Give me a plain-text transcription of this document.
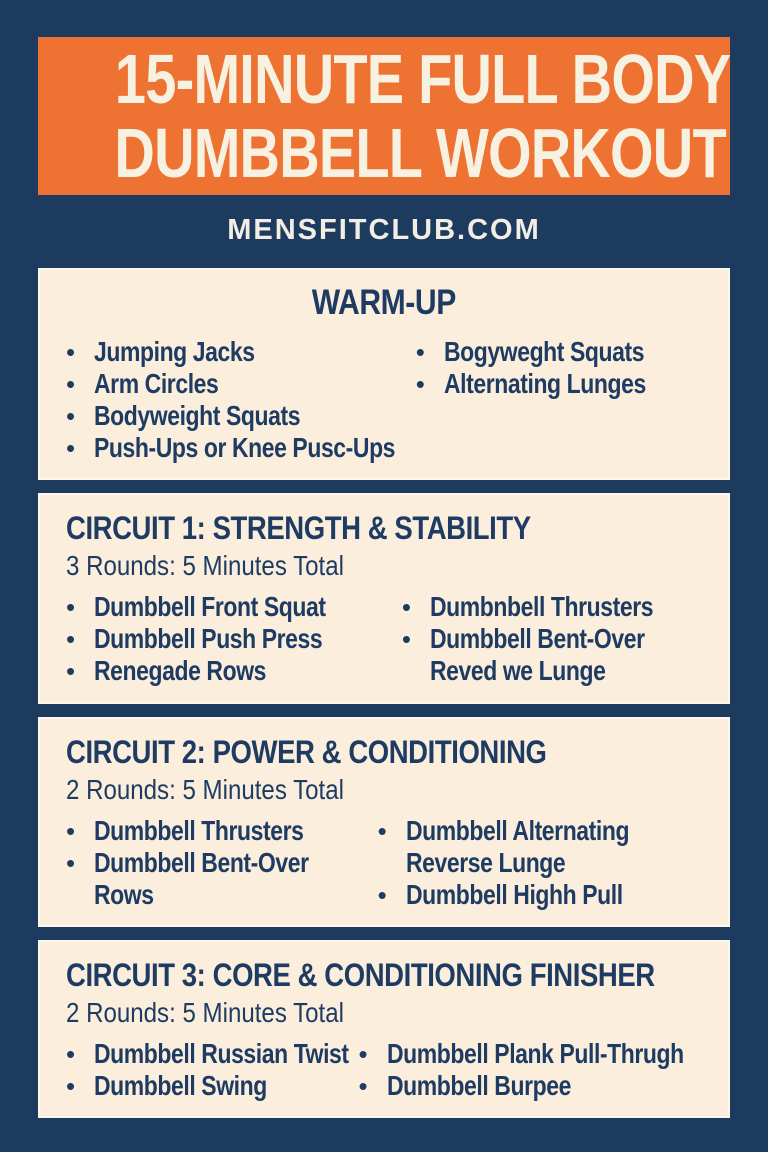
15-MINUTE FULL BODY
DUMBBELL WORKOUT
MENSFITCLUB.COM
WARM-UP
• Jumping Jacks
• Arm Circles
• Bodyweight Squats
• Push-Ups or Knee Pusc-Ups
• Bogyweght Squats
• Alternating Lunges
CIRCUIT 1: STRENGTH & STABILITY
3 Rounds: 5 Minutes Total
• Dumbbell Front Squat
• Dumbbell Push Press
• Renegade Rows
• Dumbnbell Thrusters
• Dumbbell Bent-Over
Reved we Lunge
CIRCUIT 2: POWER & CONDITIONING
2 Rounds: 5 Minutes Total
• Dumbbell Thrusters
• Dumbbell Bent-Over
Rows
• Dumbbell Alternating
Reverse Lunge
• Dumbbell Highh Pull
CIRCUIT 3: CORE & CONDITIONING FINISHER
2 Rounds: 5 Minutes Total
• Dumbbell Russian Twist
• Dumbbell Swing
• Dumbbell Plank Pull-Thrugh
• Dumbbell Burpee
